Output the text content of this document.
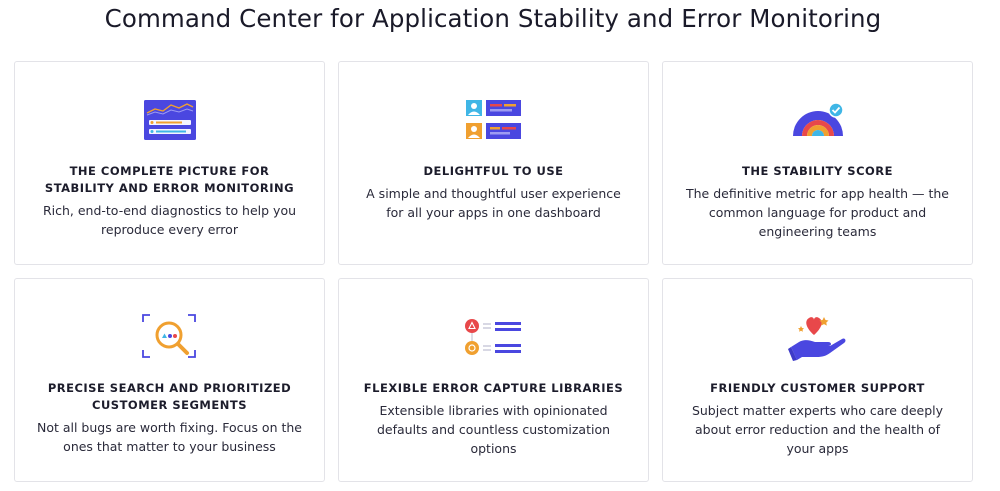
Command Center for Application Stability and Error Monitoring
THE COMPLETE PICTURE FOR STABILITY AND ERROR MONITORING
Rich, end-to-end diagnostics to help you reproduce every error
DELIGHTFUL TO USE
A simple and thoughtful user experience for all your apps in one dashboard
THE STABILITY SCORE
The definitive metric for app health — the common language for product and engineering teams
PRECISE SEARCH AND PRIORITIZED CUSTOMER SEGMENTS
Not all bugs are worth fixing. Focus on the ones that matter to your business
FLEXIBLE ERROR CAPTURE LIBRARIES
Extensible libraries with opinionated defaults and countless customization options
FRIENDLY CUSTOMER SUPPORT
Subject matter experts who care deeply about error reduction and the health of your apps
